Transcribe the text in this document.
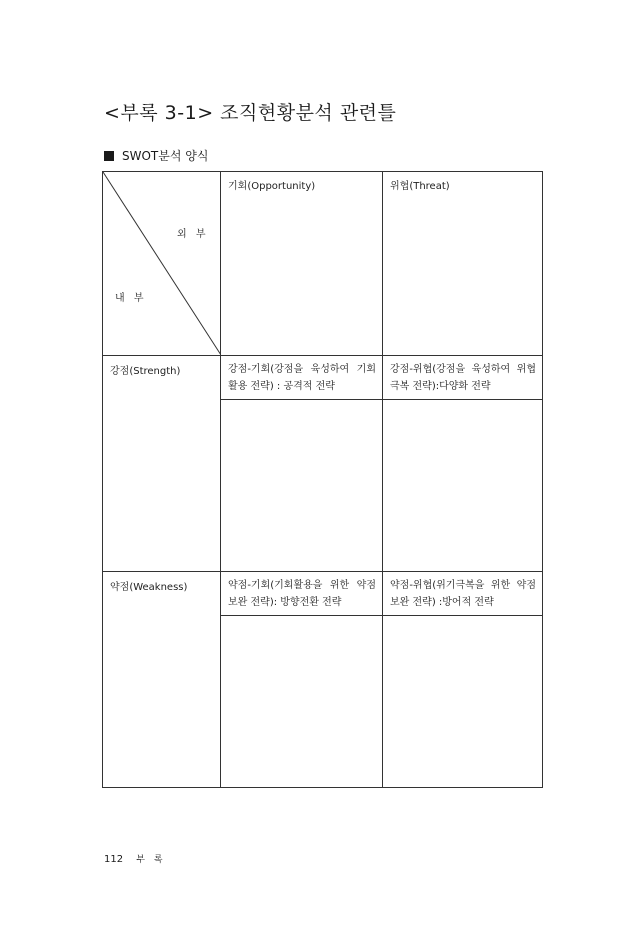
<부록 3-1> 조직현황분석 관련틀
SWOT분석 양식
외 부
내 부	기회(Opportunity)	위협(Threat)

강점(Strength)	강점-기회(강점을 육성하여 기회활용 전략) : 공격적 전략	강점-위협(강점을 육성하여 위협극복 전략):다양화 전략

약점(Weakness)	약점-기회(기회활용을 위한 약점 보완 전략): 방향전환 전략	약점-위협(위기극복을 위한 약점 보완 전략) :방어적 전략

112 부 록
